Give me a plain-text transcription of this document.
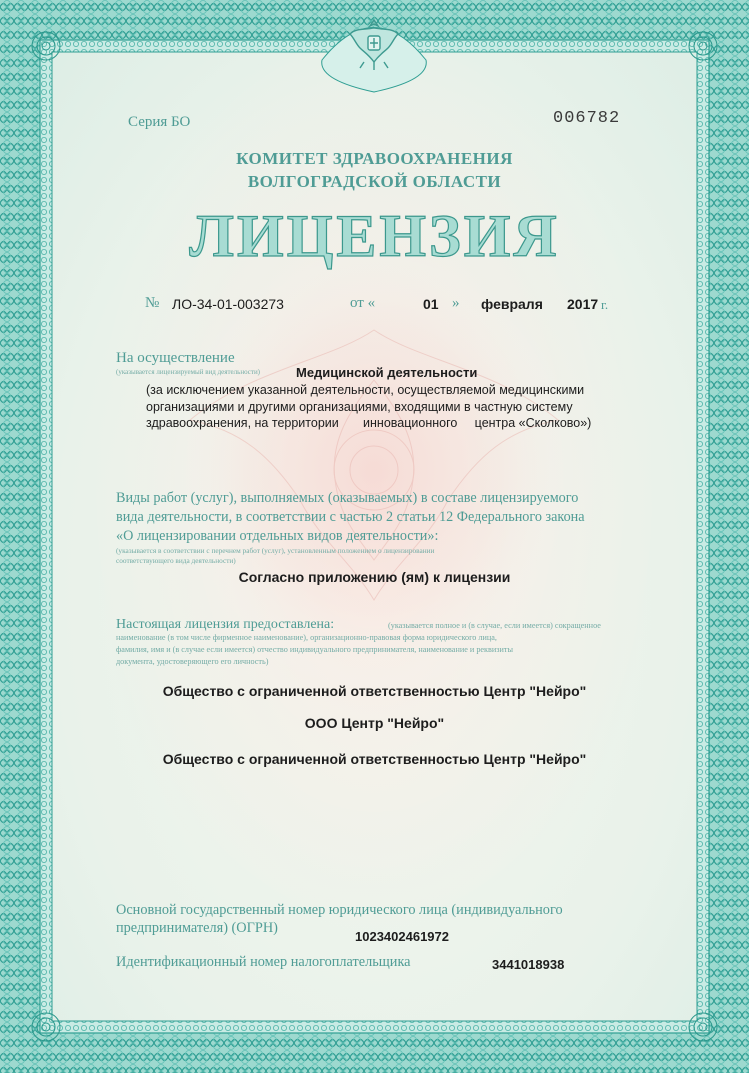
Серия БО	006782
КОМИТЕТ ЗДРАВООХРАНЕНИЯ
ВОЛГОГРАДСКОЙ ОБЛАСТИ
ЛИЦЕНЗИЯ
№ ЛО-34-01-003273	от «	01 » февраля 2017 г.
На осуществление
(указывается лицензируемый вид деятельности)	Медицинской деятельности
(за исключением указанной деятельности, осуществляемой медицинскими
организациями и другими организациями, входящими в частную систему
здравоохранения, на территории       инновационного     центра «Сколково»)
Виды работ (услуг), выполняемых (оказываемых) в составе лицензируемого
вида деятельности, в соответствии с частью 2 статьи 12 Федерального закона
«О лицензировании отдельных видов деятельности»:
(указывается в соответствии с перечнем работ (услуг), установленным положением о лицензировании
соответствующего вида деятельности)
Согласно приложению (ям) к лицензии
Настоящая лицензия предоставлена:	(указывается полное и (в случае, если имеется) сокращенное
наименование (в том числе фирменное наименование), организационно-правовая форма юридического лица,
фамилия, имя и (в случае если имеется) отчество индивидуального предпринимателя, наименование и реквизиты
документа, удостоверяющего его личность)
Общество с ограниченной ответственностью Центр "Нейро"
ООО Центр "Нейро"
Общество с ограниченной ответственностью Центр "Нейро"
Основной государственный номер юридического лица (индивидуального
предпринимателя) (ОГРН)
1023402461972
Идентификационный номер налогоплательщика	3441018938
